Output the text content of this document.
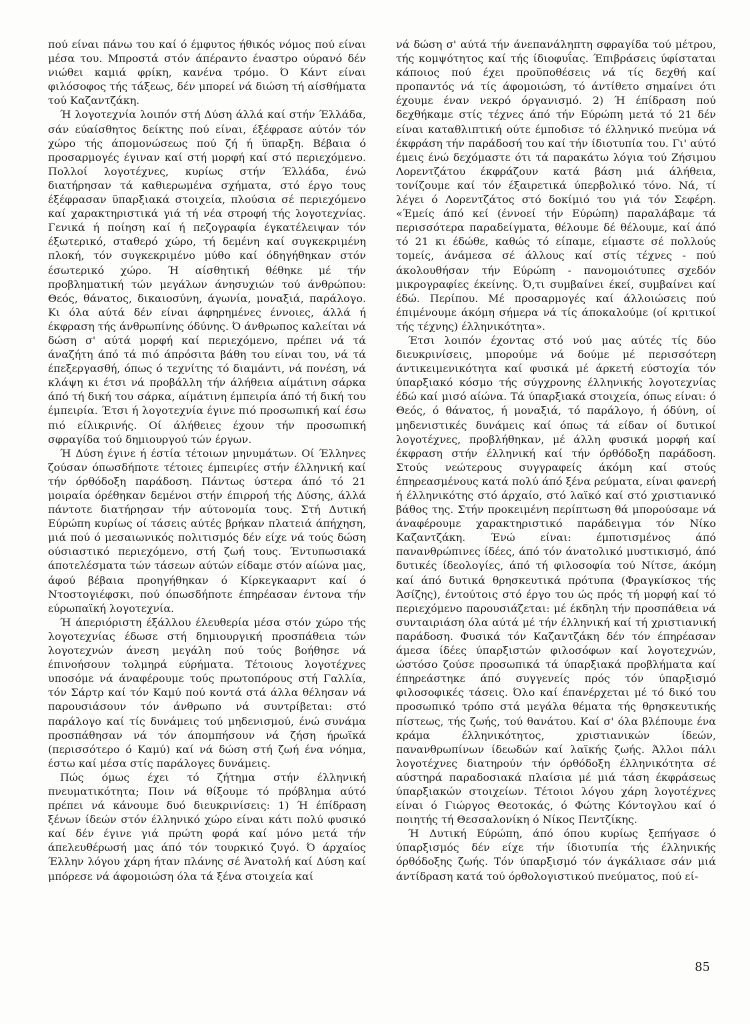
πού είναι πάνω του καί ό έμφυτος ήθικός νόμος πού είναι μέσα του. Μπροστά στόν άπέραντο έναστρο ούρανό δέν νιώθει καμιά φρίκη, κανένα τρόμο. Ό Κάντ είναι φιλόσοφος τής τάξεως, δέν μπορεί νά διώση τή αίσθήματα τού Καζαντζάκη.

Ή λογοτεχνία λοιπόν στή Δύση άλλά καί στήν Έλλάδα, σάν εύαίσθητος δείκτης πού είναι, έξέφρασε αύτόν τόν χώρο τής άπομονώσεως πού ζή ή ϋπαρξη. Βέβαια ό προσαρμογές έγιναν καί στή μορφή καί στό περιεχόμενο. Πολλοί λογοτέχνες, κυρίως στήν Έλλάδα, ένώ διατήρησαν τά καθιερωμένα σχήματα, στό έργο τους έξέφρασαν ϋπαρξιακά στοιχεία, πλούσια σέ περιεχόμενο καί χαρακτηριστικά γιά τή νέα στροφή τής λογοτεχνίας. Γενικά ή ποίηση καί ή πεζογραφία έγκατέλειψαν τόν έξωτερικό, σταθερό χώρο, τή δεμένη καί συγκεκριμένη πλοκή, τόν συγκεκριμένο μύθο καί όδηγήθηκαν στόν έσωτερικό χώρο. Ή αίσθητική θέθηκε μέ τήν προβληματική τών μεγάλων άνησυχιών τού άνθρώπου: Θεός, θάνατος, δικαιοσύνη, άγωνία, μοναξιά, παράλογο. Κι όλα αύτά δέν είναι άφηρημένες έννοιες, άλλά ή έκφραση τής άνθρωπίνης όδύνης. Ό άνθρωπος καλείται νά δώση σ' αύτά μορφή καί περιεχόμενο, πρέπει νά τά άναζήτη άπό τά πιό άπρόσιτα βάθη του είναι του, νά τά έπεξεργασθή, όπως ό τεχνίτης τό διαμάντι, νά πονέση, νά κλάψη κι έτσι νά προβάλλη τήν άλήθεια αίμάτινη σάρκα άπό τή δική του σάρκα, αίμάτινη έμπειρία άπό τή δική του έμπειρία. Έτσι ή λογοτεχνία έγινε πιό προσωπική καί έσω πιό είλικρινής. Οί άλήθειες έχουν τήν προσωπική σφραγίδα τού δημιουργού τών έργων.

Ή Δύση έγινε ή έστία τέτοιων μηνυμάτων. Οί Έλληνες ζούσαν όπωσδήποτε τέτοιες έμπειρίες στήν έλληνική καί τήν όρθόδοξη παράδοση. Πάντως ύστερα άπό τό 21 μοιραία όρέθηκαν δεμένοι στήν έπιρροή τής Δύσης, άλλά πάντοτε διατήρησαν τήν αύτονομία τους. Στή Δυτική Εύρώπη κυρίως οί τάσεις αύτές βρήκαν πλατειά άπήχηση, μιά πού ό μεσαιωνικός πολιτισμός δέν είχε νά τούς δώση ούσιαστικό περιεχόμενο, στή ζωή τους. Έντυπωσιακά άποτελέσματα τών τάσεων αύτών είδαμε στόν αίώνα μας, άφού βέβαια προηγήθηκαν ό Κίρκεγκααρντ καί ό Ντοστογιέφσκι, πού όπωσδήποτε έπηρέασαν έντονα τήν εύρωπαϊκή λογοτεχνία.

Ή άπεριόριστη έξάλλου έλευθερία μέσα στόν χώρο τής λογοτεχνίας έδωσε στή δημιουργική προσπάθεια τών λογοτεχνών άνεση μεγάλη πού τούς βοήθησε νά έπινοήσουν τολμηρά εύρήματα. Τέτοιους λογοτέχνες υποσόμε νά άναφέρουμε τούς πρωτοπόρους στή Γαλλία, τόν Σάρτρ καί τόν Καμύ πού κοντά στά άλλα θέλησαν νά παρουσιάσουν τόν άνθρωπο νά συντρίβεται: στό παράλογο καί τίς δυνάμεις τού μηδενισμού, ένώ συνάμα προσπάθησαν νά τόν άπομπήσουν νά ζήση ήρωϊκά (περισσότερο ό Καμύ) καί νά δώση στή ζωή ένα νόημα, έστω καί μέσα στίς παράλογες δυνάμεις.

Πώς όμως έχει τό ζήτημα στήν έλληνική πνευματικότητα; Ποιν νά θίξουμε τό πρόβλημα αύτό πρέπει νά κάνουμε δυό διευκρινίσεις: 1) Ή έπίδραση ξένων ίδεών στόν έλληνικό χώρο είναι κάτι πολύ φυσικό καί δέν έγινε γιά πρώτη φορά καί μόνο μετά τήν άπελευθέρωσή μας άπό τόν τουρκικό ζυγό. Ό άρχαίος Έλλην λόγου χάρη ήταν πλάνης σέ Άνατολή καί Δύση καί μπόρεσε νά άφομοιώση όλα τά ξένα στοιχεία καί

νά δώση σ' αύτά τήν άνεπανάληπτη σφραγίδα τού μέτρου, τής κομψότητος καί τής ίδιοφυΐας. Έπιβράσεις ύφίσταται κάποιος πού έχει προϋποθέσεις νά τίς δεχθή καί προπαντός νά τίς άφομοιώση, τό άντίθετο σημαίνει ότι έχουμε έναν νεκρό όργανισμό. 2) Ή έπίδραση πού δεχθήκαμε στίς τέχνες άπό τήν Εύρώπη μετά τό 21 δέν είναι καταθλιπτική ούτε έμποδισε τό έλληνικό πνεύμα νά έκφράση τήν παράδοσή του καί τήν ίδιοτυπία του. Γι' αύτό έμεις ένώ δεχόμαστε ότι τά παρακάτω λόγια τού Ζήσιμου Λορεντζάτου έκφράζουν κατά βάση μιά άλήθεια, τονίζουμε καί τόν έξαιρετικά ύπερβολικό τόνο. Νά, τί λέγει ό Λορεντζάτος στό δοκίμιό του γιά τόν Σεφέρη. «Έμείς άπό κεί (έννοεί τήν Εύρώπη) παραλάβαμε τά περισσότερα παραδείγματα, θέλουμε δέ θέλουμε, καί άπό τό 21 κι έδώθε, καθώς τό είπαμε, είμαστε σέ πολλούς τομείς, άνάμεσα σέ άλλους καί στίς τέχνες - πού άκολουθήσαν τήν Εύρώπη - πανομοιότυπες σχεδόν μικρογραφίες έκείνης. Ό,τι συμβαίνει έκεί, συμβαίνει καί έδώ. Περίπου. Μέ προσαρμογές καί άλλοιώσεις πού έπιμένουμε άκόμη σήμερα νά τίς άποκαλούμε (οί κριτικοί τής τέχνης) έλληνικότητα».

Έτσι λοιπόν έχοντας στό νού μας αύτές τίς δύο διευκρινίσεις, μπορούμε νά δούμε μέ περισσότερη άντικειμενικότητα καί φυσικά μέ άρκετή εύστοχία τόν ύπαρξιακό κόσμο τής σύγχρονης έλληνικής λογοτεχνίας έδώ καί μισό αίώνα. Τά ύπαρξιακά στοιχεία, όπως είναι: ό Θεός, ό θάνατος, ή μοναξιά, τό παράλογο, ή όδύνη, οί μηδενιστικές δυνάμεις καί όπως τά είδαν οί δυτικοί λογοτέχνες, προβλήθηκαν, μέ άλλη φυσικά μορφή καί έκφραση στήν έλληνική καί τήν όρθόδοξη παράδοση. Στούς νεώτερους συγγραφείς άκόμη καί στούς έπηρεασμένους κατά πολύ άπό ξένα ρεύματα, είναι φανερή ή έλληνικότης στό άρχαίο, στό λαϊκό καί στό χριστιανικό βάθος της. Στήν προκειμένη περίπτωση θά μπορούσαμε νά άναφέρουμε χαρακτηριστικό παράδειγμα τόν Νίκο Καζαντζάκη. Ένώ είναι: έμποτισμένος άπό πανανθρώπινες ίδέες, άπό τόν άνατολικό μυστικισμό, άπό δυτικές ίδεολογίες, άπό τή φιλοσοφία τού Νίτσε, άκόμη καί άπό δυτικά θρησκευτικά πρότυπα (Φραγκίσκος τής Άσίζης), έντούτοις στό έργο του ώς πρός τή μορφή καί τό περιεχόμενο παρουσιάζεται: μέ έκδηλη τήν προσπάθεια νά συνταιριάση όλα αύτά μέ τήν έλληνική καί τή χριστιανική παράδοση. Φυσικά τόν Καζαντζάκη δέν τόν έπηρέασαν άμεσα ίδέες ύπαρξιστών φιλοσόφων καί λογοτεχνών, ώστόσο ζούσε προσωπικά τά ύπαρξιακά προβλήματα καί έπηρεάστηκε άπό συγγενείς πρός τόν ύπαρξισμό φιλοσοφικές τάσεις. Όλο καί έπανέρχεται μέ τό δικό του προσωπικό τρόπο στά μεγάλα θέματα τής θρησκευτικής πίστεως, τής ζωής, τού θανάτου. Καί σ' όλα βλέπουμε ένα κράμα έλληνικότητος, χριστιανικών ίδεών, πανανθρωπίνων ίδεωδών καί λαϊκής ζωής. Άλλοι πάλι λογοτέχνες διατηρούν τήν όρθόδοξη έλληνικότητα σέ αύστηρά παραδοσιακά πλαίσια μέ μιά τάση έκφράσεως ύπαρξιακών στοιχείων. Τέτοιοι λόγου χάρη λογοτέχνες είναι ό Γιώργος Θεοτοκάς, ό Φώτης Κόντογλου καί ό ποιητής τή Θεσσαλονίκη ό Νίκος Πεντζίκης.

Ή Δυτική Εύρώπη, άπό όπου κυρίως ξεπήγασε ό ύπαρξισμός δέν είχε τήν ίδιοτυπία τής έλληνικής όρθόδοξης ζωής. Τόν ύπαρξισμό τόν άγκάλιασε σάν μιά άντίδραση κατά τού όρθολογιστικού πνεύματος, πού εί-

85
